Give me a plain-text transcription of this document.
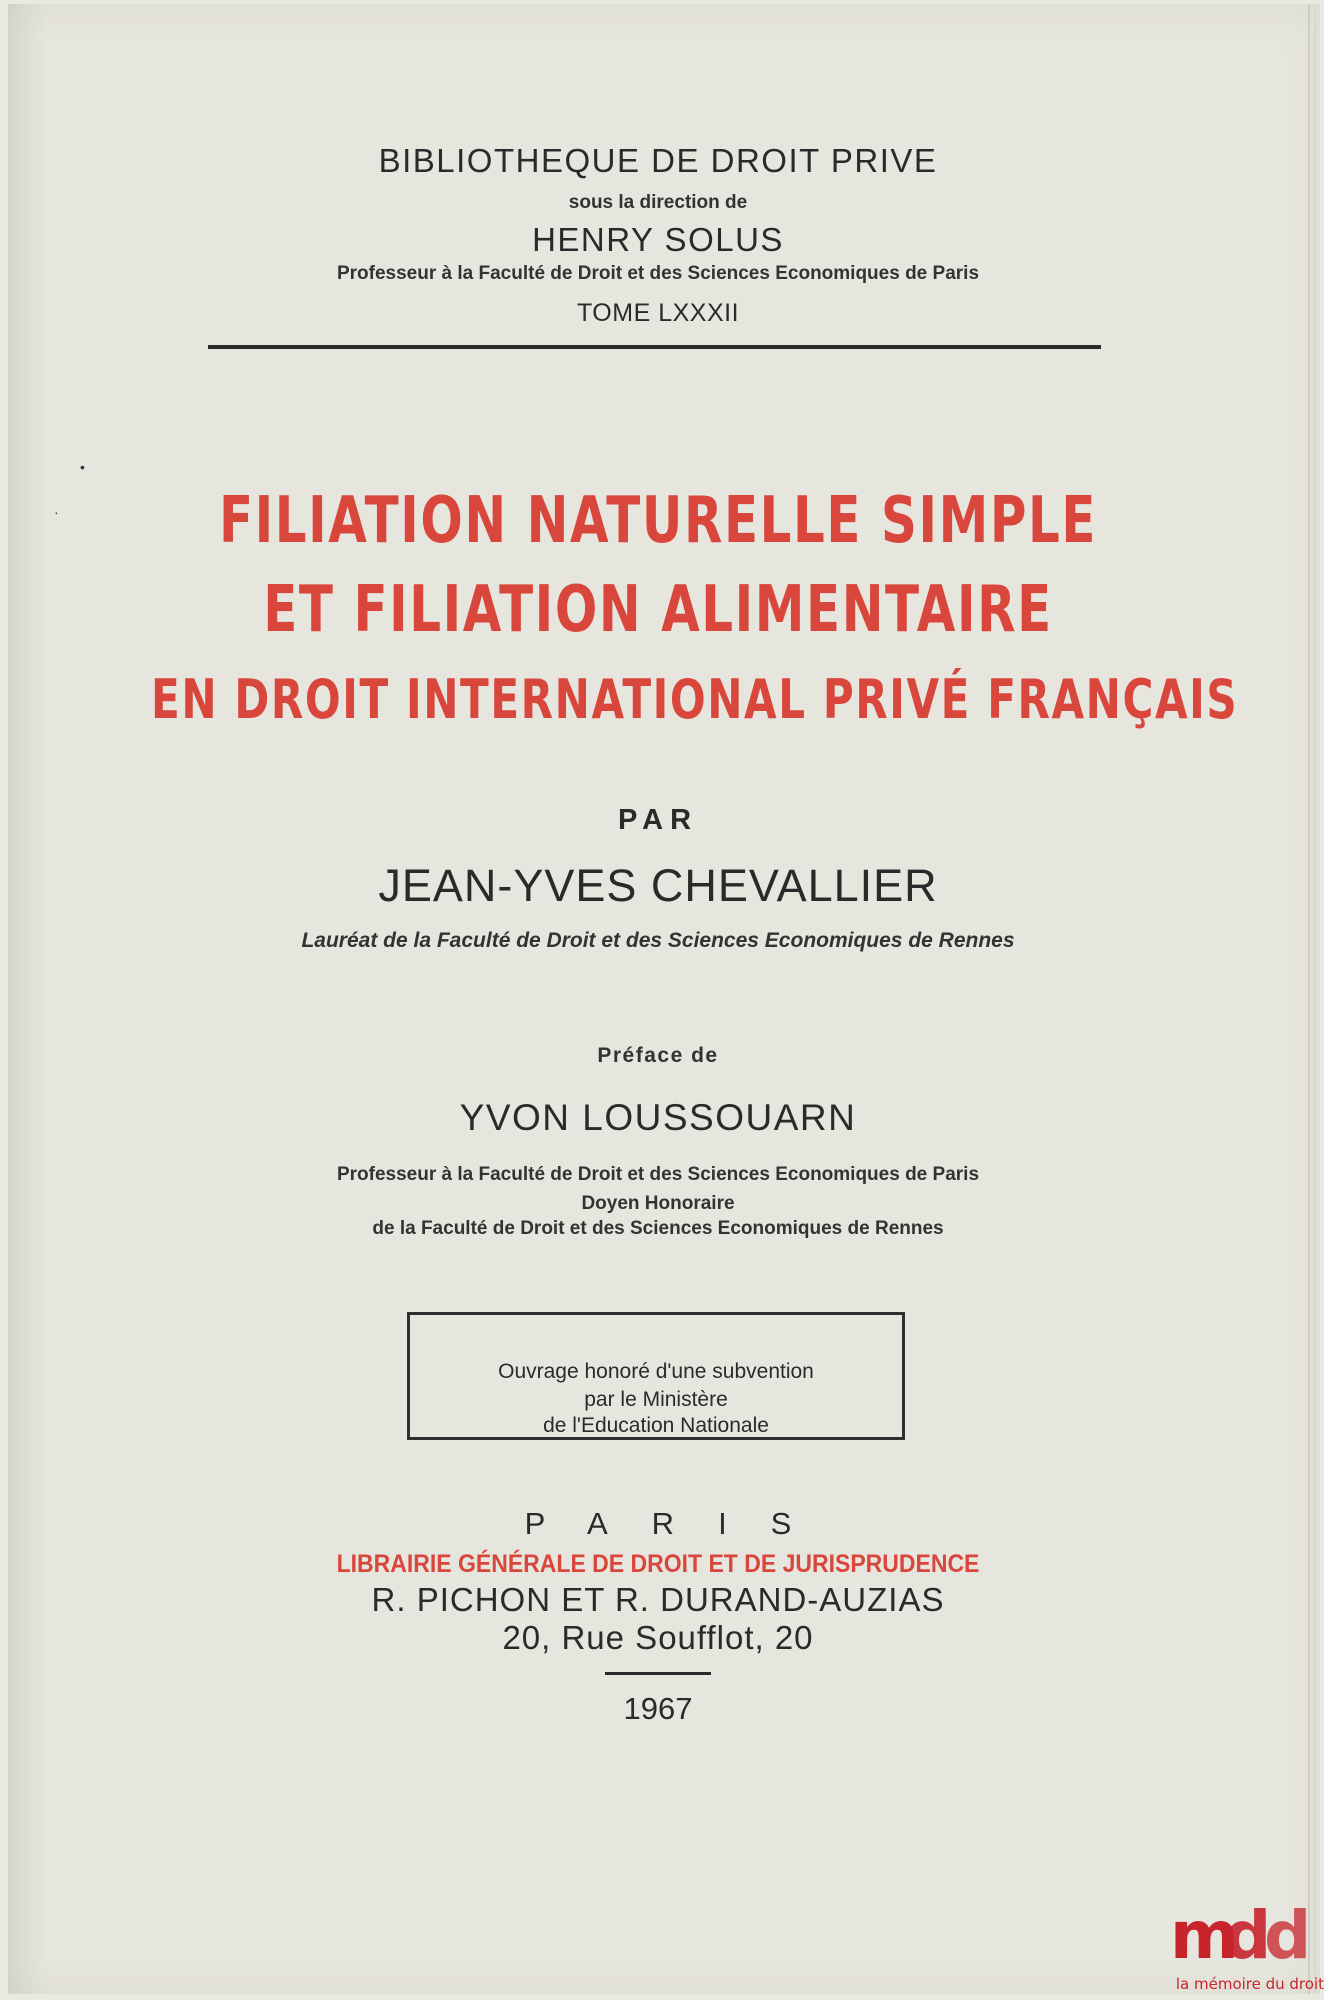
BIBLIOTHEQUE DE DROIT PRIVE

sous la direction de

HENRY SOLUS

Professeur à la Faculté de Droit et des Sciences Economiques de Paris

TOME LXXXII

FILIATION NATURELLE SIMPLE

ET FILIATION ALIMENTAIRE

EN DROIT INTERNATIONAL PRIVÉ FRANÇAIS

PAR

JEAN-YVES CHEVALLIER

Lauréat de la Faculté de Droit et des Sciences Economiques de Rennes

Préface de

YVON LOUSSOUARN

Professeur à la Faculté de Droit et des Sciences Economiques de Paris

Doyen Honoraire

de la Faculté de Droit et des Sciences Economiques de Rennes

Ouvrage honoré d'une subvention

par le Ministère

de l'Education Nationale

PARIS

LIBRAIRIE GÉNÉRALE DE DROIT ET DE JURISPRUDENCE

R. PICHON ET R. DURAND-AUZIAS

20, Rue Soufflot, 20

1967

•
·
m
d
d
la mémoire du droit
